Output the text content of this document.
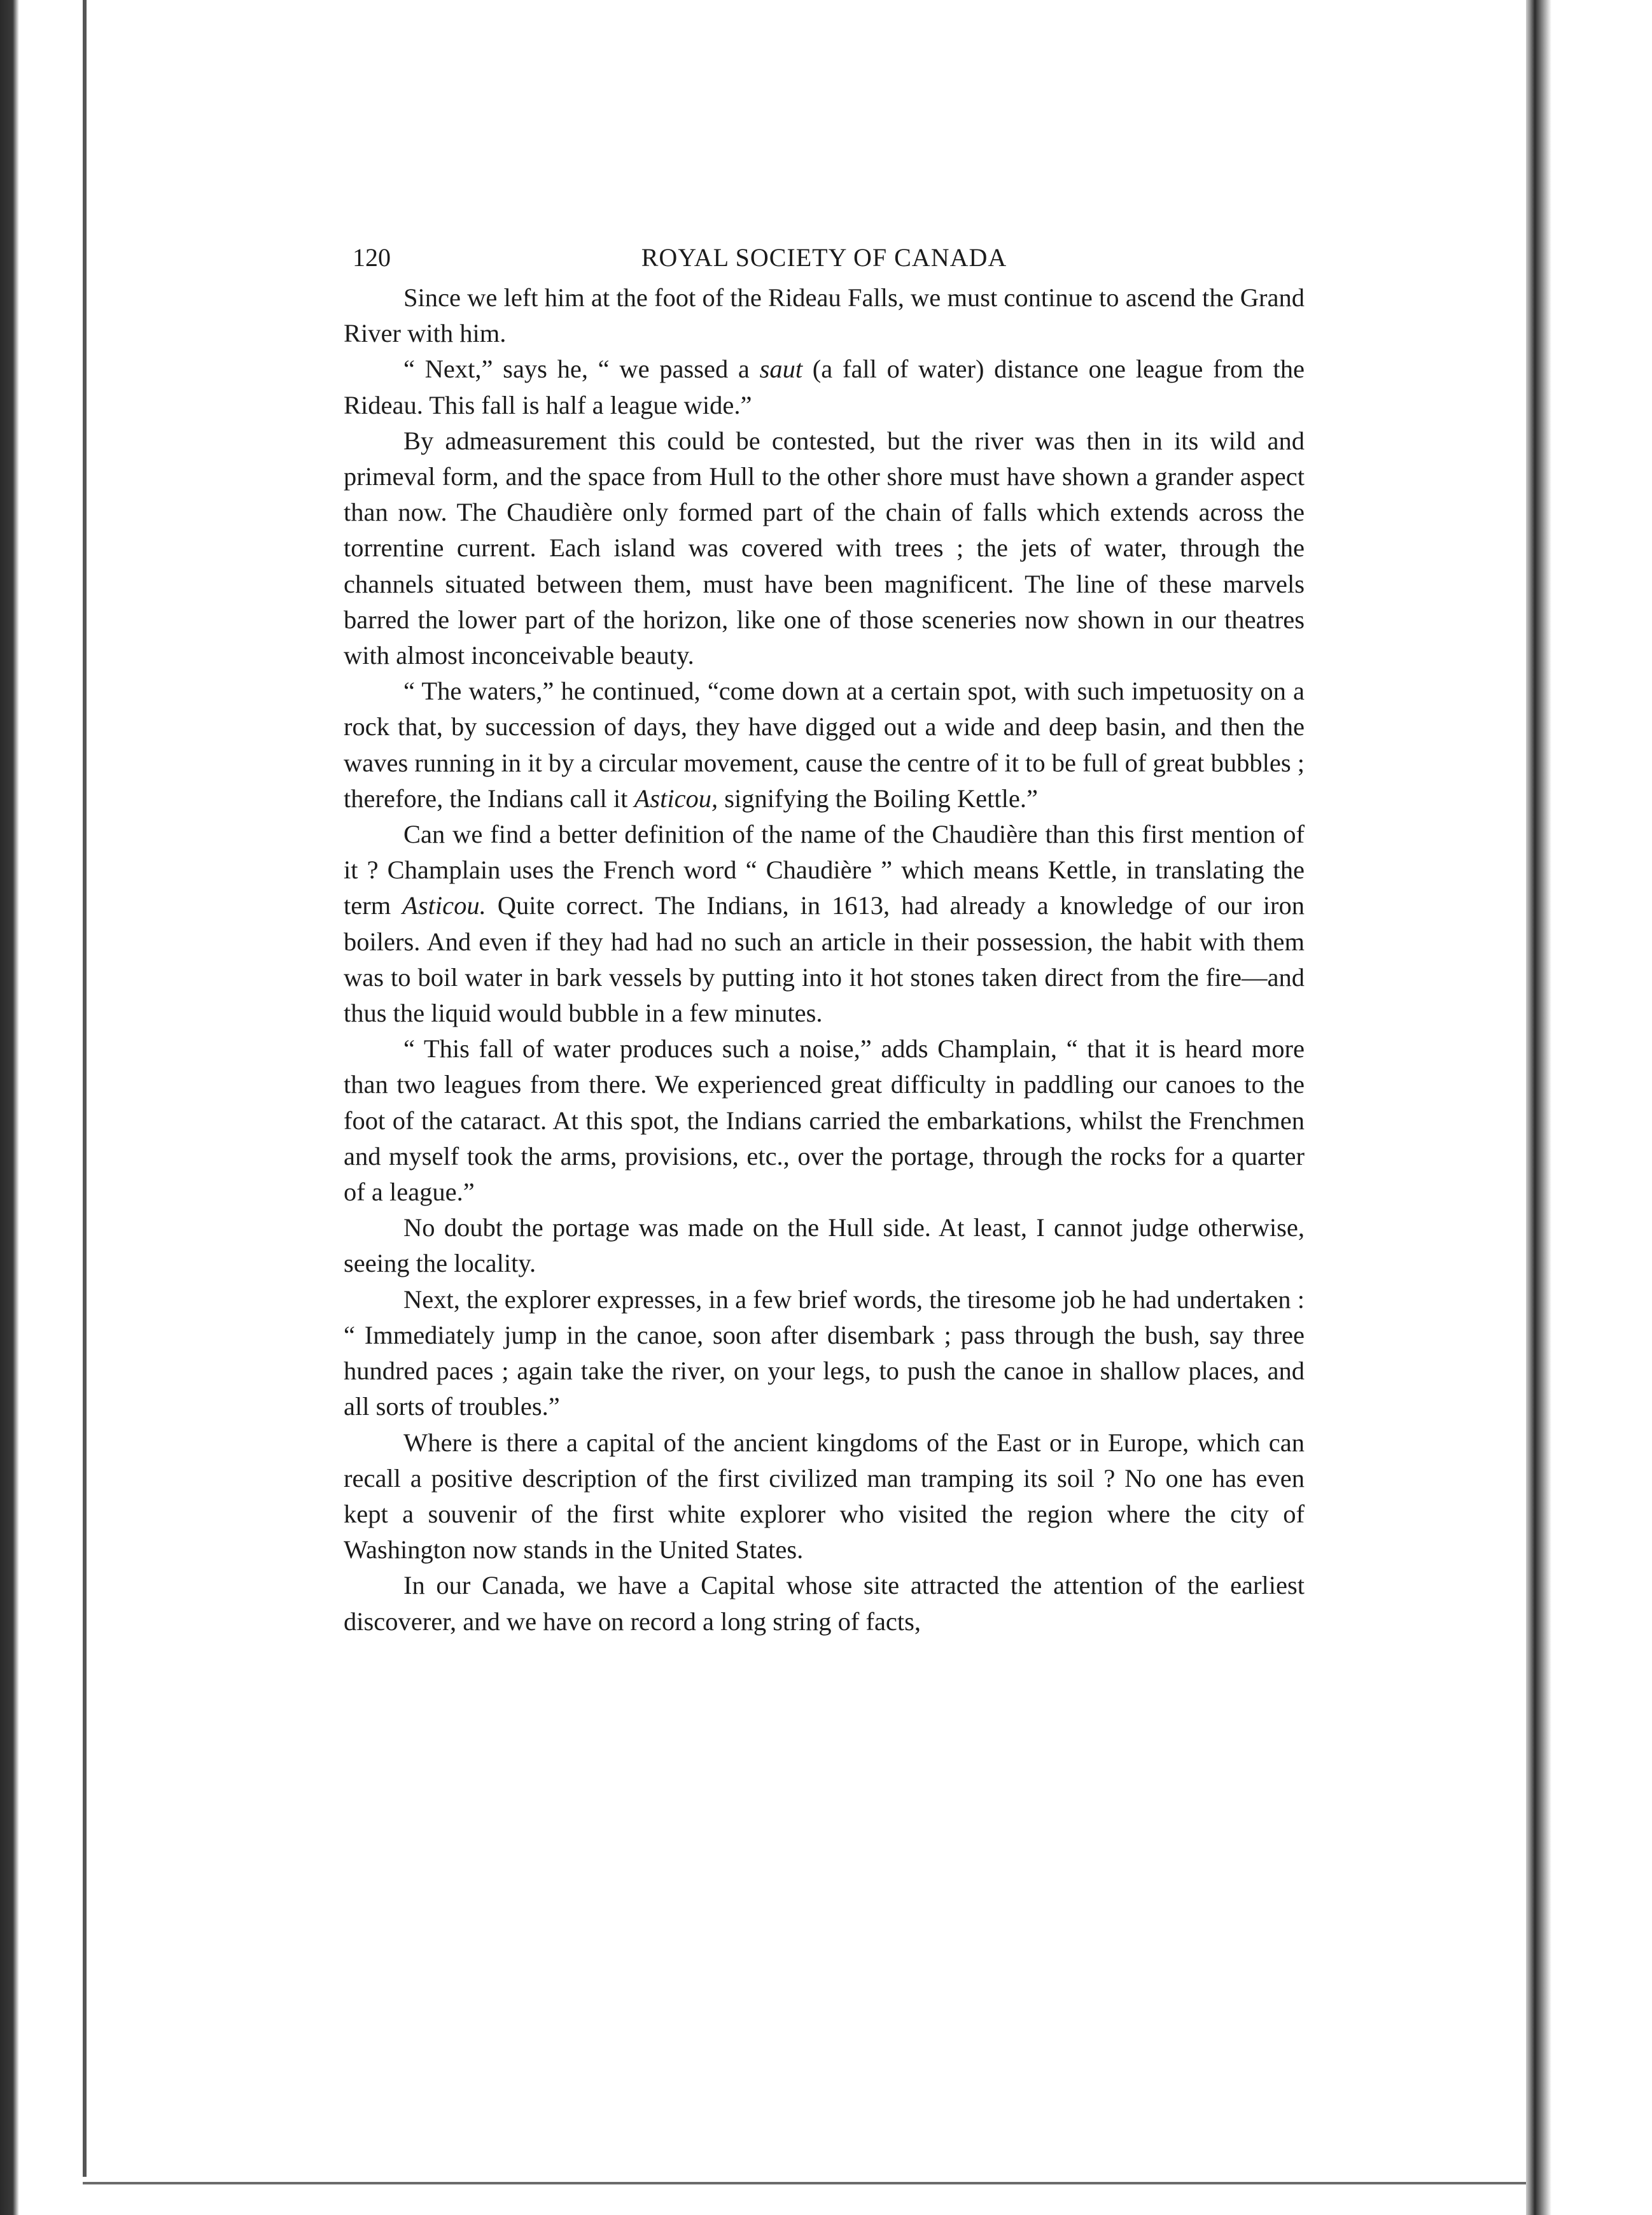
120	ROYAL SOCIETY OF CANADA

Since we left him at the foot of the Rideau Falls, we must continue to ascend the Grand River with him.

“ Next,” says he, “ we passed a saut (a fall of water) distance one league from the Rideau. This fall is half a league wide.”

By admeasurement this could be contested, but the river was then in its wild and primeval form, and the space from Hull to the other shore must have shown a grander aspect than now. The Chaudière only formed part of the chain of falls which extends across the torrentine current. Each island was covered with trees ; the jets of water, through the channels situated between them, must have been magnificent. The line of these marvels barred the lower part of the horizon, like one of those sceneries now shown in our theatres with almost inconceivable beauty.

“ The waters,” he continued, “come down at a certain spot, with such impetuosity on a rock that, by succession of days, they have digged out a wide and deep basin, and then the waves running in it by a circular movement, cause the centre of it to be full of great bubbles ; therefore, the Indians call it Asticou, signifying the Boiling Kettle.”

Can we find a better definition of the name of the Chaudière than this first mention of it ? Champlain uses the French word “ Chaudière ” which means Kettle, in translating the term Asticou. Quite correct. The Indians, in 1613, had already a knowledge of our iron boilers. And even if they had had no such an article in their possession, the habit with them was to boil water in bark vessels by putting into it hot stones taken direct from the fire—and thus the liquid would bubble in a few minutes.

“ This fall of water produces such a noise,” adds Champlain, “ that it is heard more than two leagues from there. We experienced great difficulty in paddling our canoes to the foot of the cataract. At this spot, the Indians carried the embarkations, whilst the Frenchmen and myself took the arms, provisions, etc., over the portage, through the rocks for a quarter of a league.”

No doubt the portage was made on the Hull side. At least, I cannot judge otherwise, seeing the locality.

Next, the explorer expresses, in a few brief words, the tiresome job he had undertaken : “ Immediately jump in the canoe, soon after disembark ; pass through the bush, say three hundred paces ; again take the river, on your legs, to push the canoe in shallow places, and all sorts of troubles.”

Where is there a capital of the ancient kingdoms of the East or in Europe, which can recall a positive description of the first civilized man tramping its soil ? No one has even kept a souvenir of the first white explorer who visited the region where the city of Washington now stands in the United States.

In our Canada, we have a Capital whose site attracted the attention of the earliest discoverer, and we have on record a long string of facts,
